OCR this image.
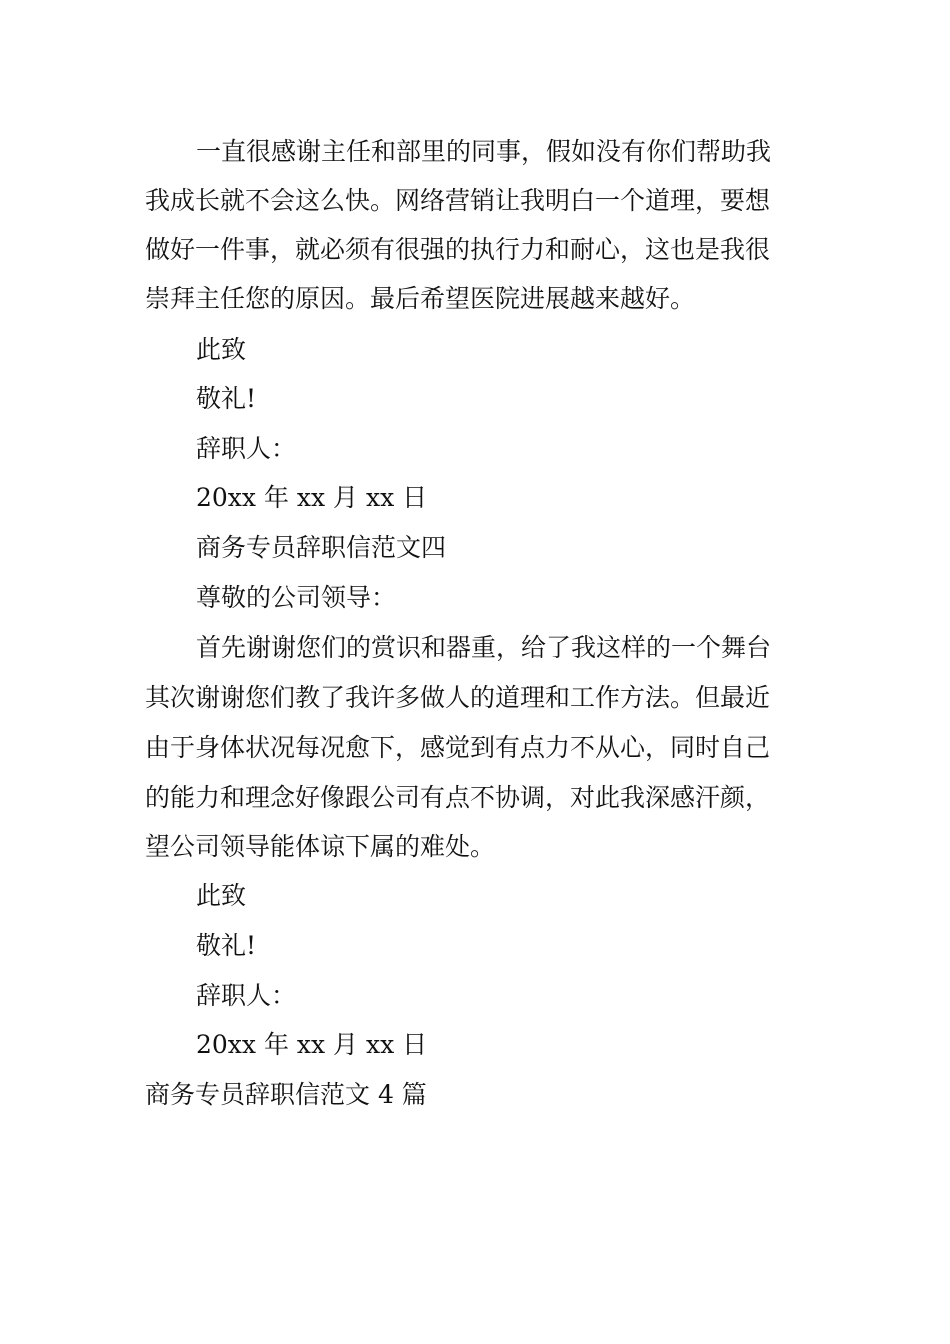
一直很感谢主任和部里的同事，假如没有你们帮助我
我成长就不会这么快。网络营销让我明白一个道理，要想
做好一件事，就必须有很强的执行力和耐心，这也是我很
崇拜主任您的原因。最后希望医院进展越来越好。
此致
敬礼!
辞职人：
20xx 年 xx 月 xx 日
商务专员辞职信范文四
尊敬的公司领导：
首先谢谢您们的赏识和器重，给了我这样的一个舞台
其次谢谢您们教了我许多做人的道理和工作方法。但最近
由于身体状况每况愈下，感觉到有点力不从心，同时自己
的能力和理念好像跟公司有点不协调，对此我深感汗颜，
望公司领导能体谅下属的难处。
此致
敬礼!
辞职人：
20xx 年 xx 月 xx 日
商务专员辞职信范文 4 篇
